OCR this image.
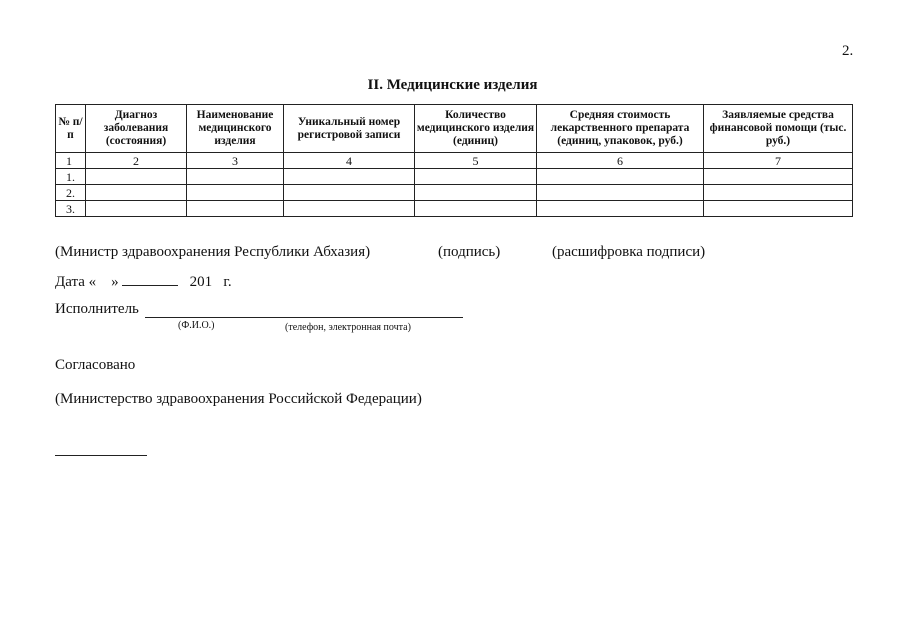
2.
II. Медицинские изделия
№ п/п	Диагноз заболевания (состояния)	Наименование медицинского изделия	Уникальный номер регистровой записи	Количество медицинского изделия (единиц)	Средняя стоимость лекарственного препарата (единиц, упаковок, руб.)	Заявляемые средства финансовой помощи (тыс. руб.)
1	2	3	4	5	6	7
1.						
2.						
3.						
(Министр здравоохранения Республики Абхазия)	(подпись)	(расшифровка подписи)
Дата « »	201 г.
Исполнитель
(Ф.И.О.)	(телефон, электронная почта)
Согласовано
(Министерство здравоохранения Российской Федерации)
